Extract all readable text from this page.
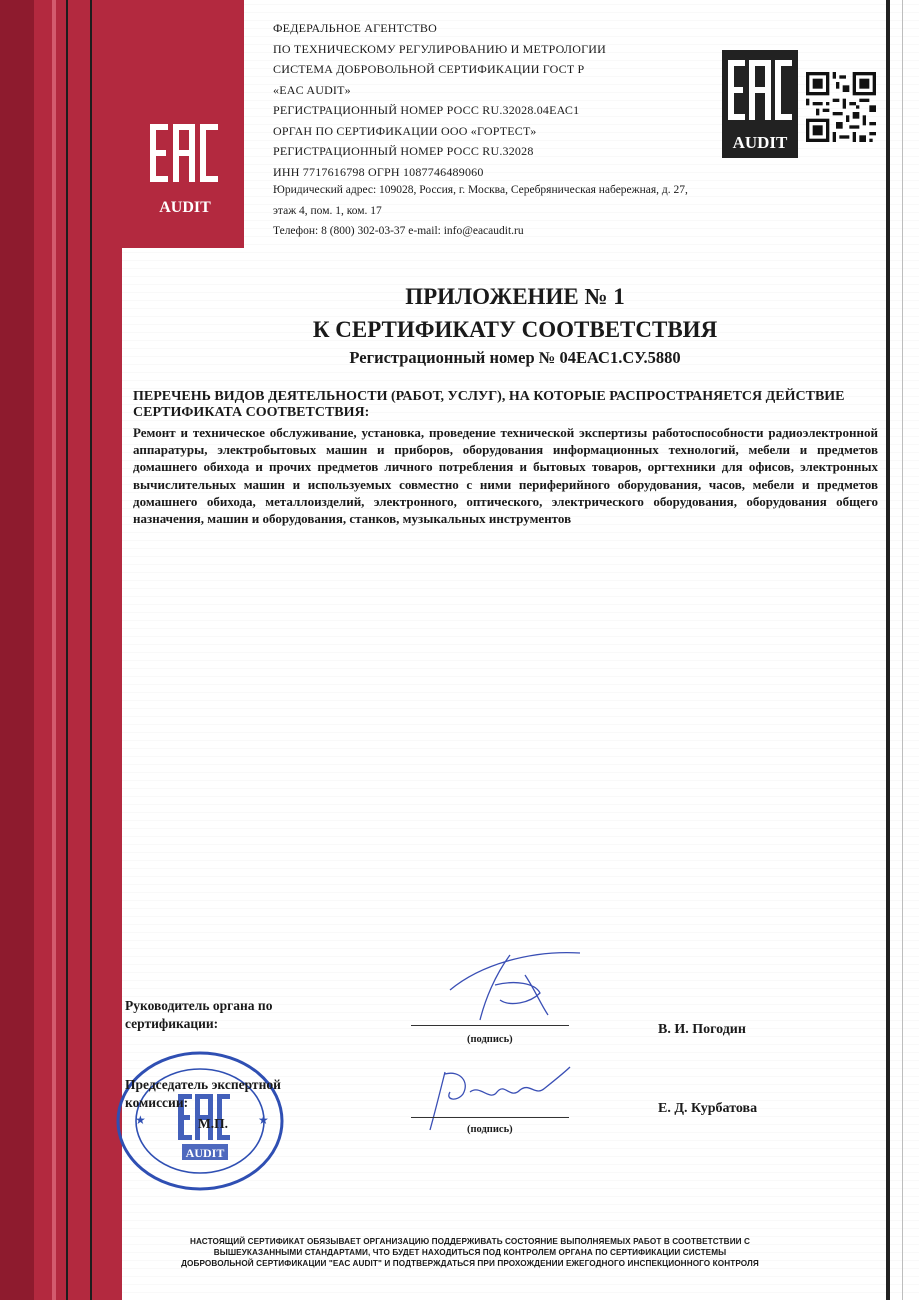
AUDIT
AUDIT
ФЕДЕРАЛЬНОЕ АГЕНТСТВО
ПО ТЕХНИЧЕСКОМУ РЕГУЛИРОВАНИЮ И МЕТРОЛОГИИ
СИСТЕМА ДОБРОВОЛЬНОЙ СЕРТИФИКАЦИИ ГОСТ Р
«EAC AUDIT»
РЕГИСТРАЦИОННЫЙ НОМЕР РОСС RU.32028.04ЕАС1
ОРГАН ПО СЕРТИФИКАЦИИ ООО «ГОРТЕСТ»
РЕГИСТРАЦИОННЫЙ НОМЕР РОСС RU.32028
ИНН 7717616798 ОГРН 1087746489060
Юридический адрес: 109028, Россия, г. Москва, Серебряническая набережная, д. 27,
этаж 4, пом. 1, ком. 17
Телефон: 8 (800) 302-03-37 e-mail: info@eacaudit.ru
ПРИЛОЖЕНИЕ № 1
К СЕРТИФИКАТУ СООТВЕТСТВИЯ
Регистрационный номер № 04ЕАС1.СУ.5880
ПЕРЕЧЕНЬ ВИДОВ ДЕЯТЕЛЬНОСТИ (РАБОТ, УСЛУГ), НА КОТОРЫЕ РАСПРОСТРАНЯЕТСЯ ДЕЙСТВИЕ СЕРТИФИКАТА СООТВЕТСТВИЯ:
Ремонт и техническое обслуживание, установка, проведение технической экспертизы работоспособности радиоэлектронной аппаратуры, электробытовых машин и приборов, оборудования информационных технологий, мебели и предметов домашнего обихода и прочих предметов личного потребления и бытовых товаров, оргтехники для офисов, электронных вычислительных машин и используемых совместно с ними периферийного оборудования, часов, мебели и предметов домашнего обихода, металлоизделий, электронного, оптического, электрического оборудования, оборудования общего назначения, машин и оборудования, станков, музыкальных инструментов
Руководитель органа по сертификации:
(подпись)
В. И. Погодин
AUDIT
★	★
Председатель экспертной комиссии:
М.П.	(подпись)
Е. Д. Курбатова
НАСТОЯЩИЙ СЕРТИФИКАТ ОБЯЗЫВАЕТ ОРГАНИЗАЦИЮ ПОДДЕРЖИВАТЬ СОСТОЯНИЕ ВЫПОЛНЯЕМЫХ РАБОТ В СООТВЕТСТВИИ С
ВЫШЕУКАЗАННЫМИ СТАНДАРТАМИ, ЧТО БУДЕТ НАХОДИТЬСЯ ПОД КОНТРОЛЕМ ОРГАНА ПО СЕРТИФИКАЦИИ СИСТЕМЫ
ДОБРОВОЛЬНОЙ СЕРТИФИКАЦИИ "EAC AUDIT" И ПОДТВЕРЖДАТЬСЯ ПРИ ПРОХОЖДЕНИИ ЕЖЕГОДНОГО ИНСПЕКЦИОННОГО КОНТРОЛЯ
